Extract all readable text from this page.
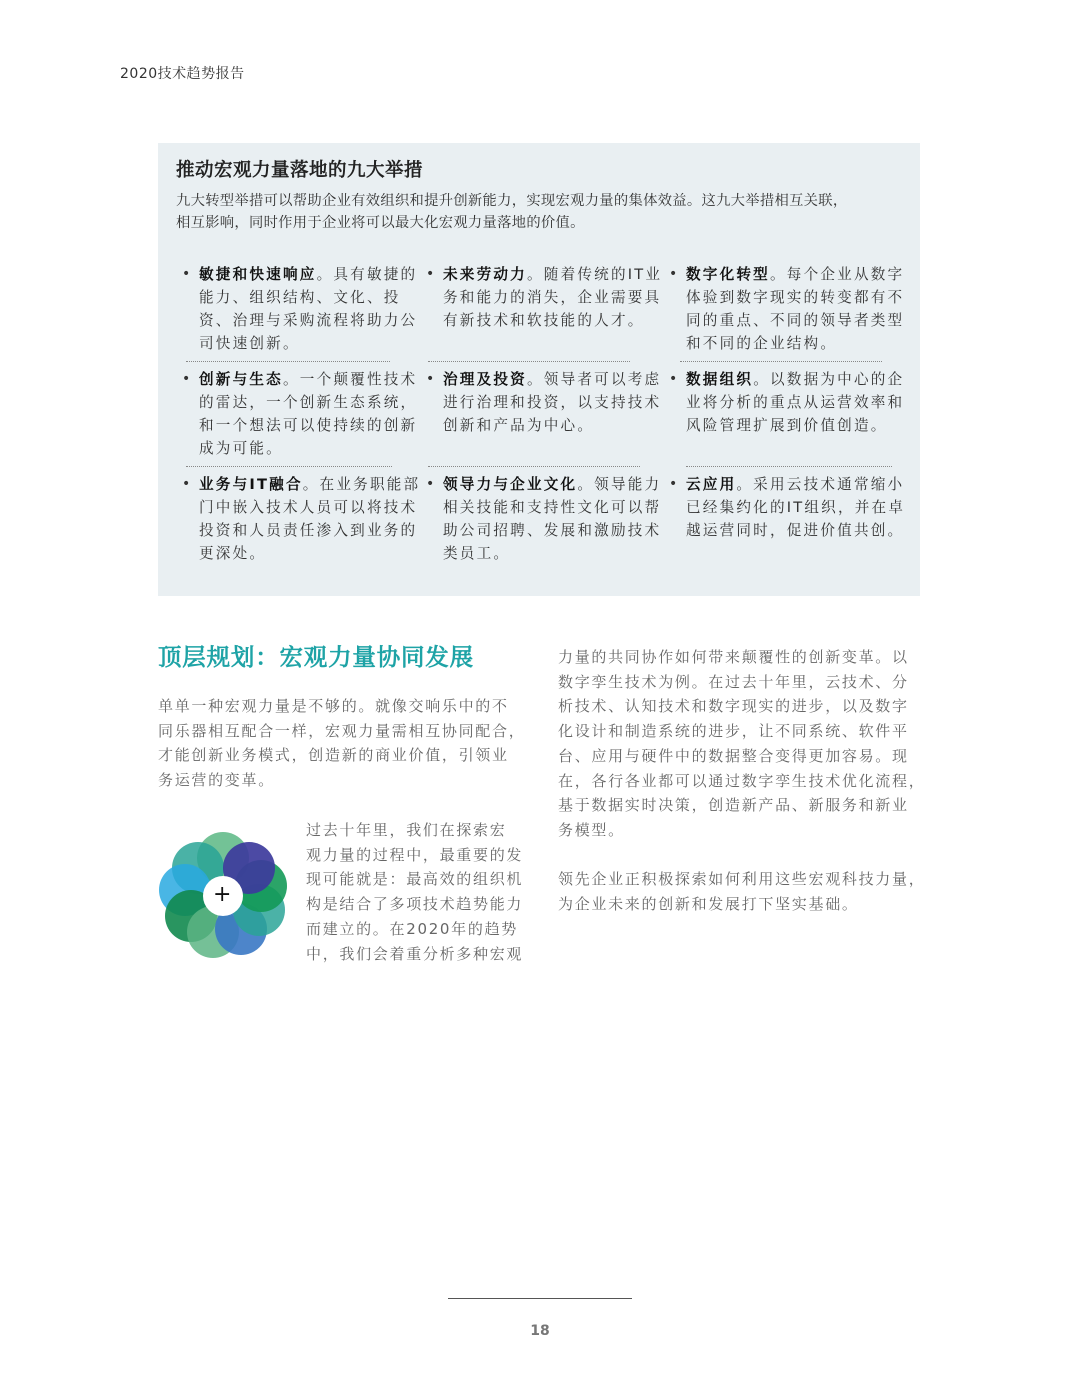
2020技术趋势报告
推动宏观力量落地的九大举措
九大转型举措可以帮助企业有效组织和提升创新能力，实现宏观力量的集体效益。这九大举措相互关联，
相互影响，同时作用于企业将可以最大化宏观力量落地的价值。
• 敏捷和快速响应。具有敏捷的
能力、组织结构、文化、投
资、治理与采购流程将助力公
司快速创新。
• 未来劳动力。随着传统的IT业
务和能力的消失，企业需要具
有新技术和软技能的人才。
• 数字化转型。每个企业从数字
体验到数字现实的转变都有不
同的重点、不同的领导者类型
和不同的企业结构。
• 创新与生态。一个颠覆性技术
的雷达，一个创新生态系统，
和一个想法可以使持续的创新
成为可能。
• 治理及投资。领导者可以考虑
进行治理和投资，以支持技术
创新和产品为中心。
• 数据组织。以数据为中心的企
业将分析的重点从运营效率和
风险管理扩展到价值创造。
• 业务与IT融合。在业务职能部
门中嵌入技术人员可以将技术
投资和人员责任渗入到业务的
更深处。
• 领导力与企业文化。领导能力
相关技能和支持性文化可以帮
助公司招聘、发展和激励技术
类员工。
• 云应用。采用云技术通常缩小
已经集约化的IT组织，并在卓
越运营同时，促进价值共创。
顶层规划：宏观力量协同发展
单单一种宏观力量是不够的。就像交响乐中的不
同乐器相互配合一样，宏观力量需相互协同配合，
才能创新业务模式，创造新的商业价值，引领业
务运营的变革。
+
过去十年里，我们在探索宏
观力量的过程中，最重要的发
现可能就是：最高效的组织机
构是结合了多项技术趋势能力
而建立的。在2020年的趋势
中，我们会着重分析多种宏观
力量的共同协作如何带来颠覆性的创新变革。以
数字孪生技术为例。在过去十年里，云技术、分
析技术、认知技术和数字现实的进步，以及数字
化设计和制造系统的进步，让不同系统、软件平
台、应用与硬件中的数据整合变得更加容易。现
在，各行各业都可以通过数字孪生技术优化流程，
基于数据实时决策，创造新产品、新服务和新业
务模型。
领先企业正积极探索如何利用这些宏观科技力量，
为企业未来的创新和发展打下坚实基础。
18
